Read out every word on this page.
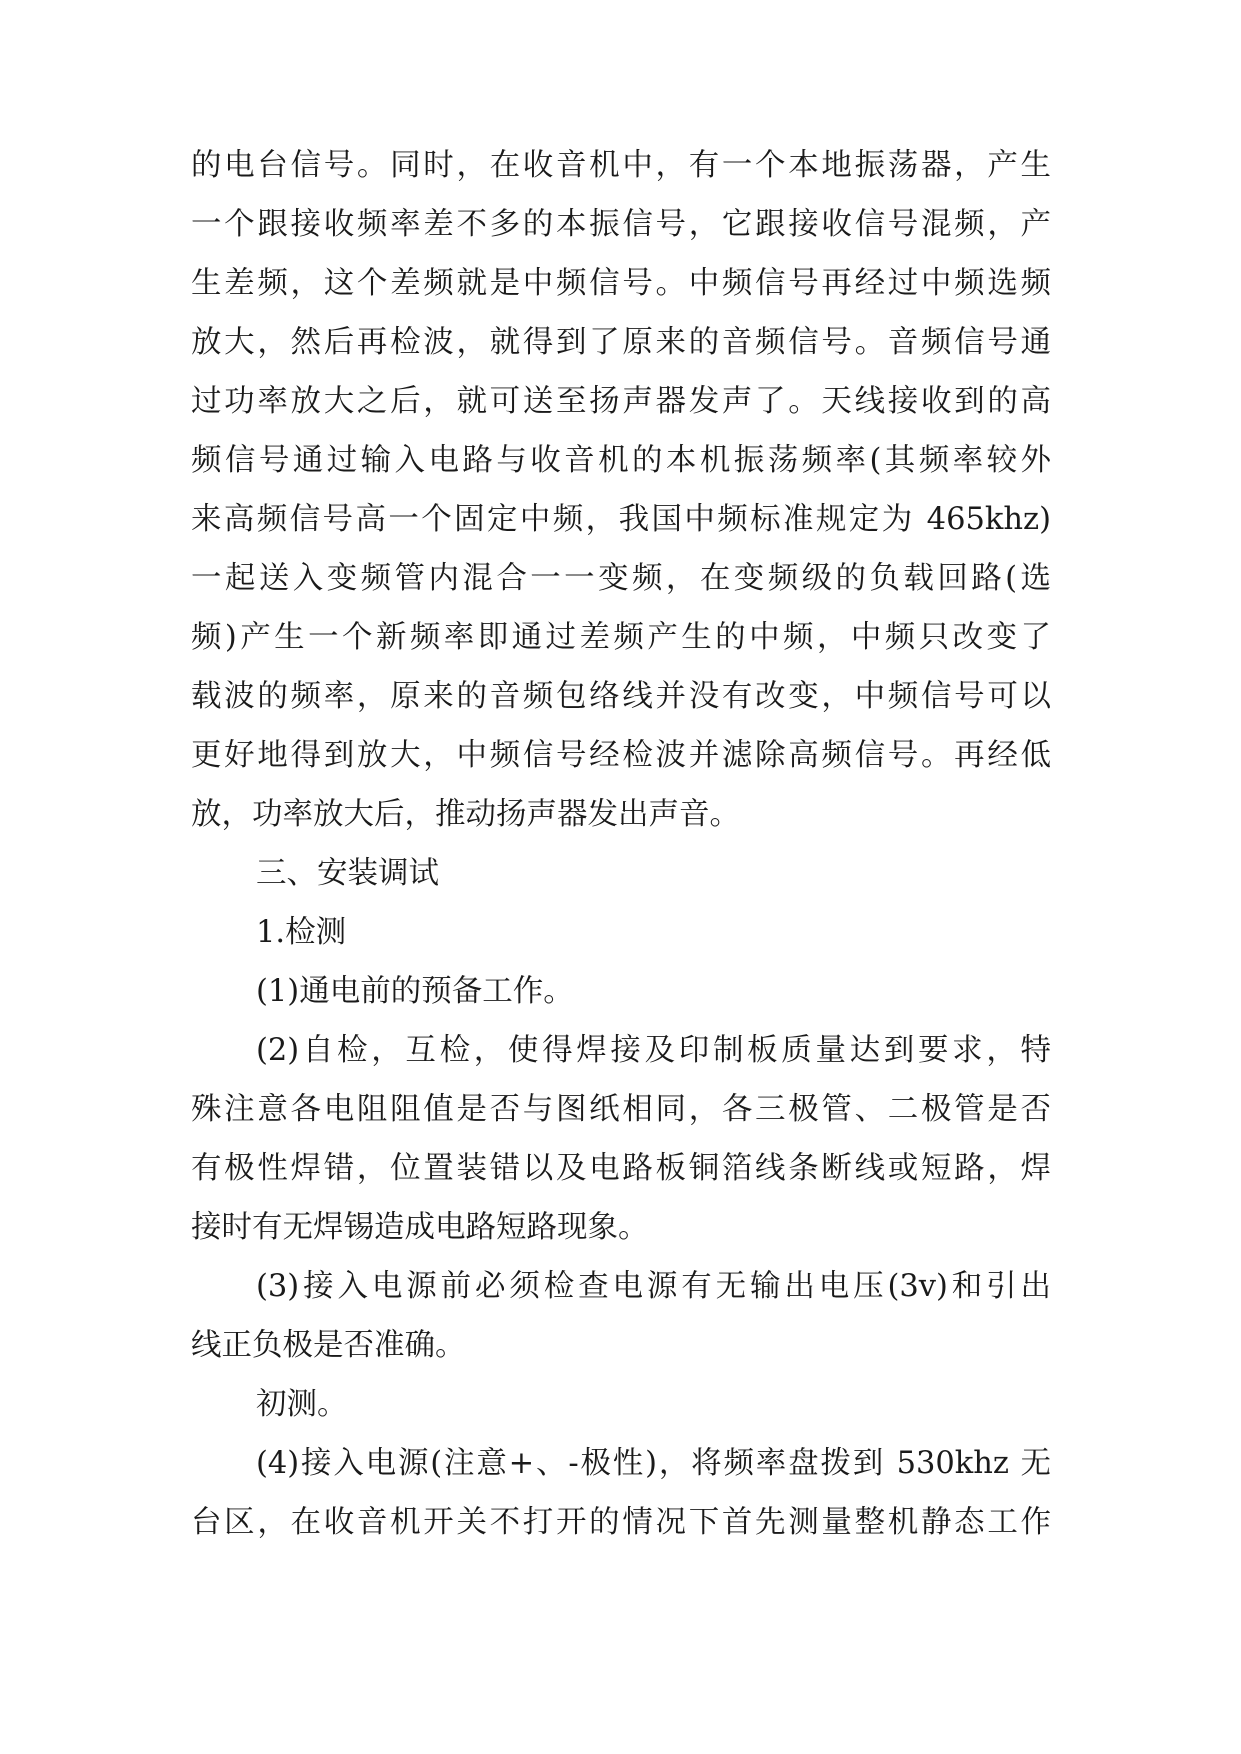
的电台信号。同时，在收音机中，有一个本地振荡器，产生
一个跟接收频率差不多的本振信号，它跟接收信号混频，产
生差频，这个差频就是中频信号。中频信号再经过中频选频
放大，然后再检波，就得到了原来的音频信号。音频信号通
过功率放大之后，就可送至扬声器发声了。天线接收到的高
频信号通过输入电路与收音机的本机振荡频率(其频率较外
来高频信号高一个固定中频，我国中频标准规定为 465khz)
一起送入变频管内混合一一变频，在变频级的负载回路(选
频)产生一个新频率即通过差频产生的中频，中频只改变了
载波的频率，原来的音频包络线并没有改变，中频信号可以
更好地得到放大，中频信号经检波并滤除高频信号。再经低
放，功率放大后，推动扬声器发出声音。
三、安装调试
1.检测
(1)通电前的预备工作。
(2)自检，互检，使得焊接及印制板质量达到要求，特
殊注意各电阻阻值是否与图纸相同，各三极管、二极管是否
有极性焊错，位置装错以及电路板铜箔线条断线或短路，焊
接时有无焊锡造成电路短路现象。
(3)接入电源前必须检查电源有无输出电压(3v)和引出
线正负极是否准确。
初测。
(4)接入电源(注意+、-极性)，将频率盘拨到 530khz 无
台区，在收音机开关不打开的情况下首先测量整机静态工作
